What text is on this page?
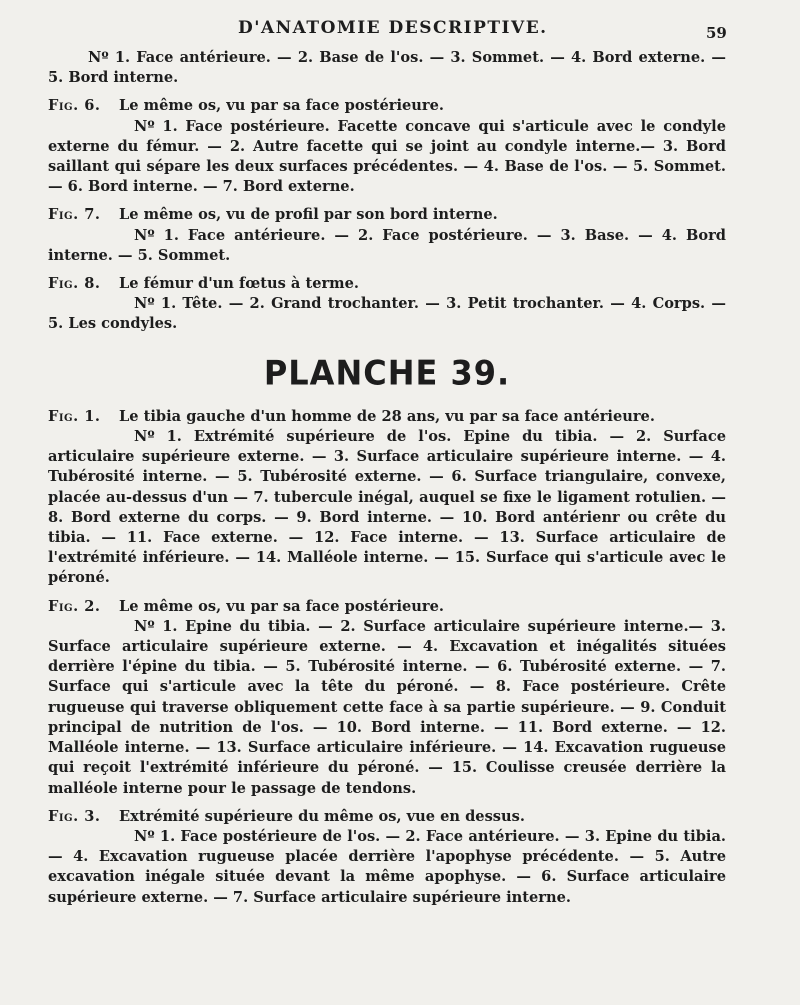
D'ANATOMIE DESCRIPTIVE.	59

Nº 1. Face antérieure. — 2. Base de l'os. — 3. Sommet. — 4. Bord externe. — 5. Bord interne.

Fig. 6.	Le même os, vu par sa face postérieure.

Nº 1. Face postérieure. Facette concave qui s'articule avec le condyle externe du fémur. — 2. Autre facette qui se joint au condyle interne.— 3. Bord saillant qui sépare les deux surfaces précédentes. — 4. Base de l'os. — 5. Sommet.— 6. Bord interne. — 7. Bord externe.

Fig. 7.	Le même os, vu de profil par son bord interne.

Nº 1. Face antérieure. — 2. Face postérieure. — 3. Base. — 4. Bord interne. — 5. Sommet.

Fig. 8.	Le fémur d'un fœtus à terme.

Nº 1. Tête. — 2. Grand trochanter. — 3. Petit trochanter. — 4. Corps. — 5. Les condyles.

PLANCHE 39.
Fig. 1.	Le tibia gauche d'un homme de 28 ans, vu par sa face antérieure.

Nº 1. Extrémité supérieure de l'os. Epine du tibia. — 2. Surface articulaire supérieure externe. — 3. Surface articulaire supérieure interne. — 4. Tubérosité interne. — 5. Tubérosité externe. — 6. Surface triangulaire, convexe, placée au-dessus d'un — 7. tubercule inégal, auquel se fixe le ligament rotulien. — 8. Bord externe du corps. — 9. Bord interne. — 10. Bord antérienr ou crête du tibia. — 11. Face externe. — 12. Face interne. — 13. Surface articulaire de l'extrémité inférieure. — 14. Malléole interne. — 15. Surface qui s'articule avec le péroné.

Fig. 2.	Le même os, vu par sa face postérieure.

Nº 1. Epine du tibia. — 2. Surface articulaire supérieure interne.— 3. Surface articulaire supérieure externe. — 4. Excavation et inégalités situées derrière l'épine du tibia. — 5. Tubérosité interne. — 6. Tubérosité externe. — 7. Surface qui s'articule avec la tête du péroné. — 8. Face postérieure. Crête rugueuse qui traverse obliquement cette face à sa partie supérieure. — 9. Conduit principal de nutrition de l'os. — 10. Bord interne. — 11. Bord externe. — 12. Malléole interne. — 13. Surface articulaire inférieure. — 14. Excavation rugueuse qui reçoit l'extrémité inférieure du péroné. — 15. Coulisse creusée derrière la malléole interne pour le passage de tendons.

Fig. 3.	Extrémité supérieure du même os, vue en dessus.

Nº 1. Face postérieure de l'os. — 2. Face antérieure. — 3. Epine du tibia. — 4. Excavation rugueuse placée derrière l'apophyse précédente. — 5. Autre excavation inégale située devant la même apophyse. — 6. Surface articulaire supérieure externe. — 7. Surface articulaire supérieure interne.
